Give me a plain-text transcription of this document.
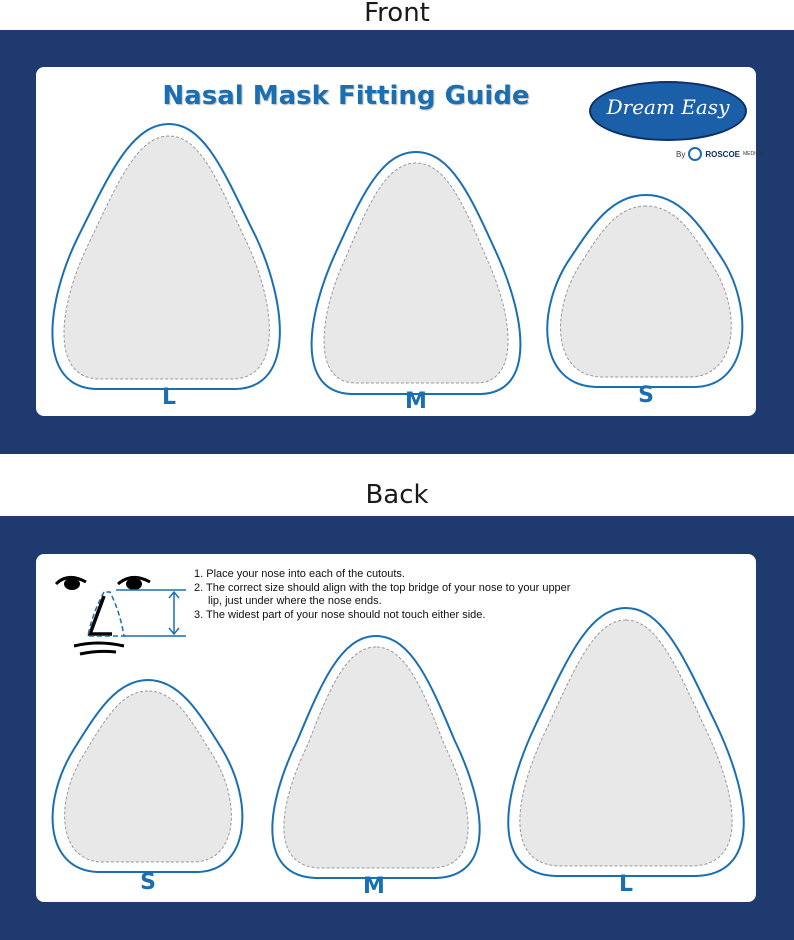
Front
Nasal Mask Fitting Guide	Dream Easy
By	ROSCOE MEDICAL
L	M	S
Back
1. Place your nose into each of the cutouts.
2. The correct size should align with the top bridge of your nose to your upper lip, just under where the nose ends.
3. The widest part of your nose should not touch either side.
S	M	L
